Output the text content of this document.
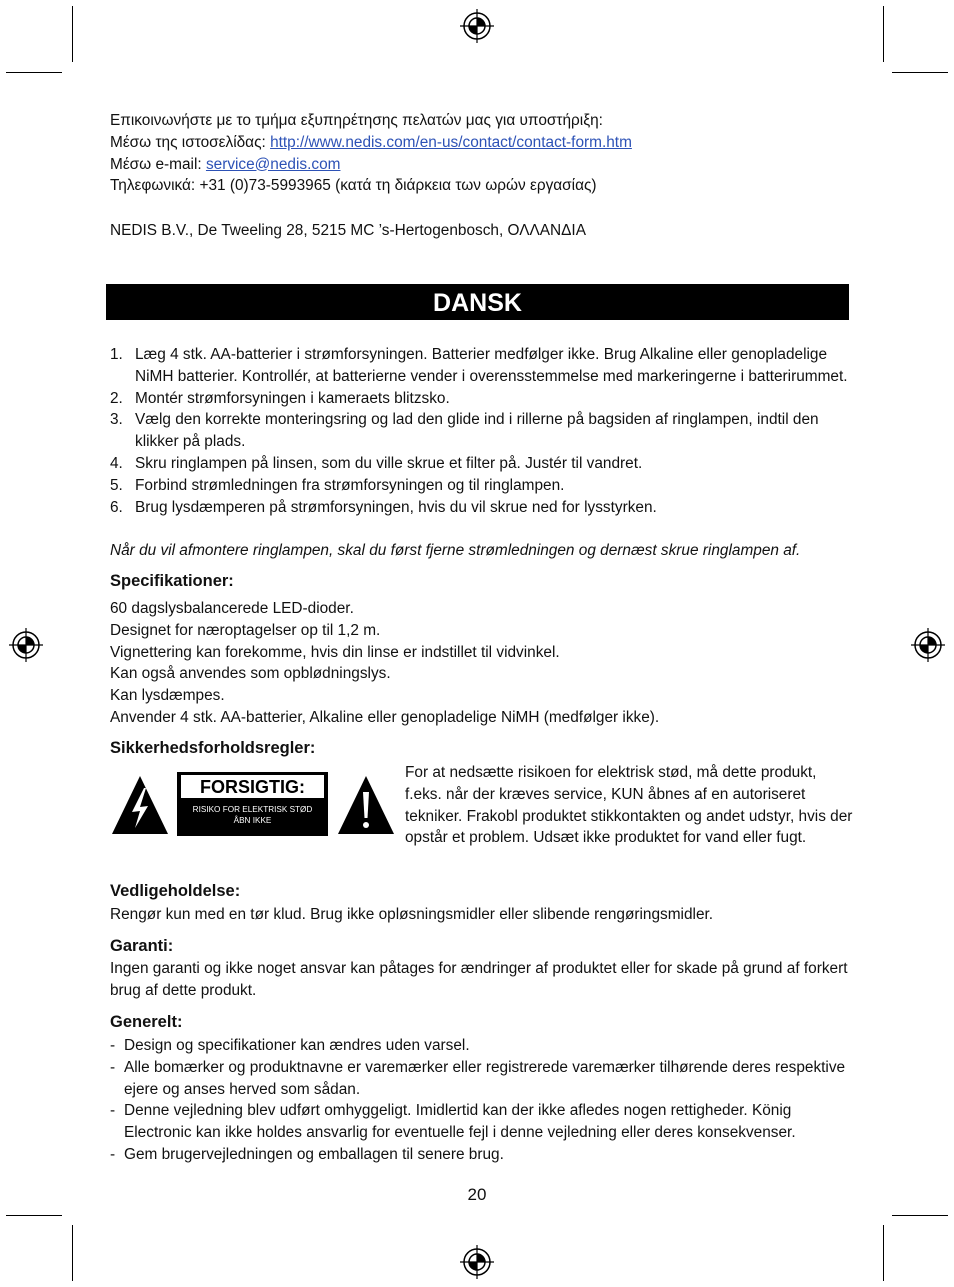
Επικοινωνήστε με το τμήμα εξυπηρέτησης πελατών μας για υποστήριξη:
Μέσω της ιστοσελίδας: http://www.nedis.com/en-us/contact/contact-form.htm
Μέσω e-mail: service@nedis.com
Τηλεφωνικά: +31 (0)73-5993965 (κατά τη διάρκεια των ωρών εργασίας)
NEDIS B.V., De Tweeling 28, 5215 MC ’s-Hertogenbosch, ΟΛΛΑΝΔΙΑ
DANSK
1. Læg 4 stk. AA-batterier i strømforsyningen. Batterier medfølger ikke. Brug Alkaline eller genopladelige NiMH batterier. Kontrollér, at batterierne vender i overensstemmelse med markeringerne i batterirummet.
2. Montér strømforsyningen i kameraets blitzsko.
3. Vælg den korrekte monteringsring og lad den glide ind i rillerne på bagsiden af ringlampen, indtil den klikker på plads.
4. Skru ringlampen på linsen, som du ville skrue et filter på. Justér til vandret.
5. Forbind strømledningen fra strømforsyningen og til ringlampen.
6. Brug lysdæmperen på strømforsyningen, hvis du vil skrue ned for lysstyrken.
Når du vil afmontere ringlampen, skal du først fjerne strømledningen og dernæst skrue ringlampen af.
Specifikationer:
60 dagslysbalancerede LED-dioder.
Designet for næroptagelser op til 1,2 m.
Vignettering kan forekomme, hvis din linse er indstillet til vidvinkel.
Kan også anvendes som opblødningslys.
Kan lysdæmpes.
Anvender 4 stk. AA-batterier, Alkaline eller genopladelige NiMH (medfølger ikke).
Sikkerhedsforholdsregler:
FORSIGTIG:
RISIKO FOR ELEKTRISK STØD
ÅBN IKKE
For at nedsætte risikoen for elektrisk stød, må dette produkt, f.eks. når der kræves service, KUN åbnes af en autoriseret tekniker. Frakobl produktet stikkontakten og andet udstyr, hvis der opstår et problem. Udsæt ikke produktet for vand eller fugt.
Vedligeholdelse:
Rengør kun med en tør klud. Brug ikke opløsningsmidler eller slibende rengøringsmidler.
Garanti:
Ingen garanti og ikke noget ansvar kan påtages for ændringer af produktet eller for skade på grund af forkert brug af dette produkt.
Generelt:
- Design og specifikationer kan ændres uden varsel.
- Alle bomærker og produktnavne er varemærker eller registrerede varemærker tilhørende deres respektive ejere og anses herved som sådan.
- Denne vejledning blev udført omhyggeligt. Imidlertid kan der ikke afledes nogen rettigheder. König Electronic kan ikke holdes ansvarlig for eventuelle fejl i denne vejledning eller deres konsekvenser.
- Gem brugervejledningen og emballagen til senere brug.
20
